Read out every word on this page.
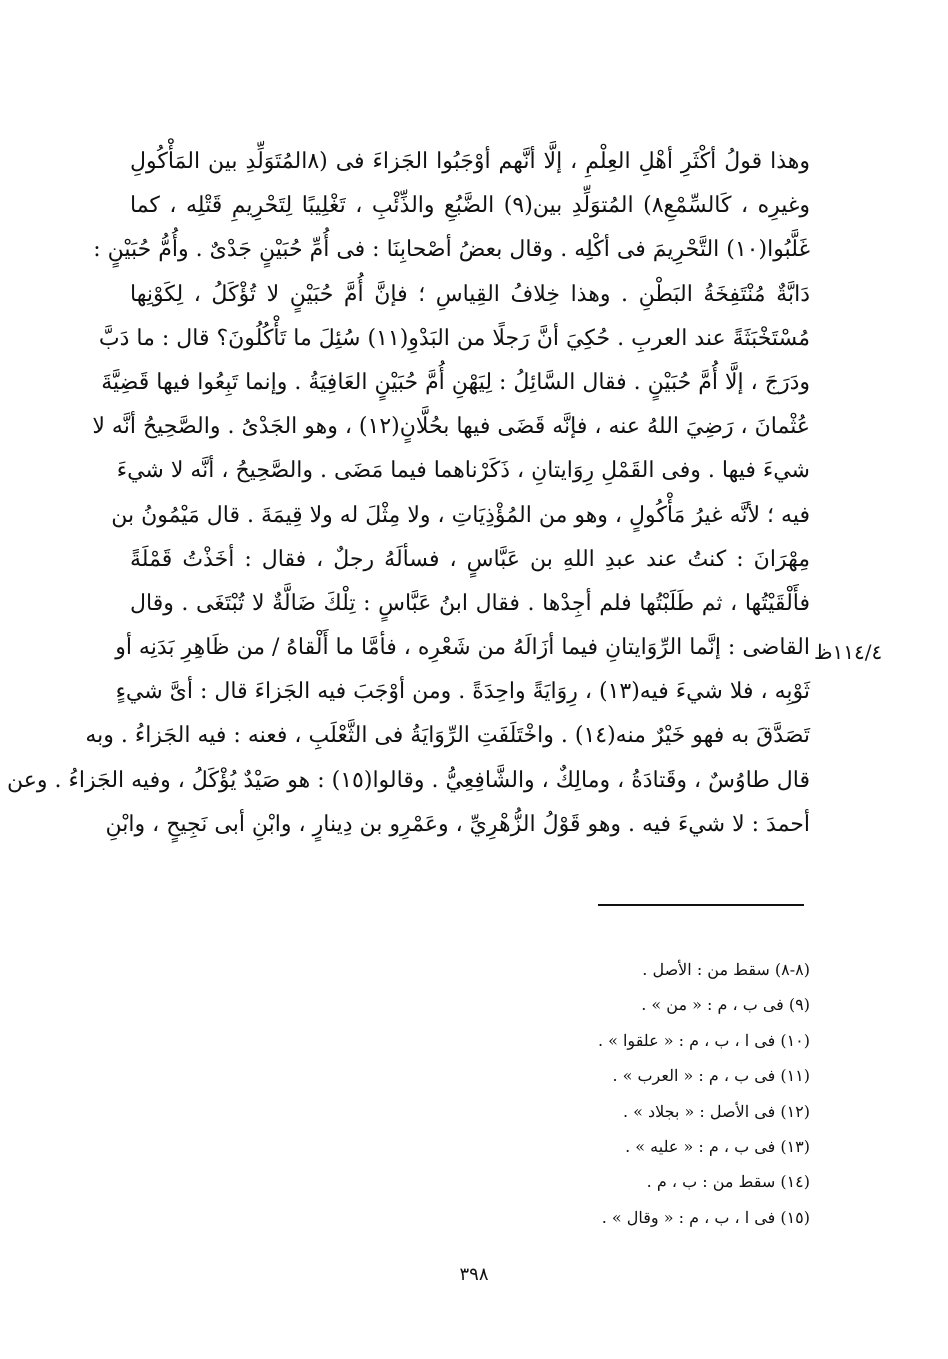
وهذا قولُ أكْثَرِ أهْلِ العِلْمِ ، إلَّا أنَّهم أوْجَبُوا الجَزاءَ فى (٨المُتَوَلِّدِ بين المَأْكُولِ
وغيرِه ، كَالسِّمْعِ٨) المُتوَلِّدِ بين(٩) الضَّبُعِ والذِّئْبِ ، تَغْلِيبًا لِتَحْرِيمِ قَتْلِه ، كما
غَلَّبُوا(١٠) التَّحْرِيمَ فى أكْلِه . وقال بعضُ أصْحابِنَا : فى أُمِّ حُبَيْنٍ جَدْىٌ . وأُمُّ حُبَيْنٍ :
دَابَّةٌ مُنْتَفِخَةُ البَطْنِ . وهذا خِلافُ القِياسِ ؛ فإنَّ أُمَّ حُبَيْنٍ لا تُؤْكَلُ ، لِكَوْنِها
مُسْتَخْبَثَةً عند العربِ . حُكِيَ أنَّ رَجلًا من البَدْوِ(١١) سُئِلَ ما تَأْكُلُونَ؟ قال : ما دَبَّ
ودَرَجَ ، إلَّا أُمَّ حُبَيْنٍ . فقال السَّائِلُ : لِيَهْنِ أُمَّ حُبَيْنٍ العَافِيَةُ . وإنما تَبِعُوا فيها قَضِيَّةَ
عُثْمانَ ، رَضِيَ اللهُ عنه ، فإنَّه قَضَى فيها بحُلَّانٍ(١٢) ، وهو الجَدْىُ . والصَّحِيحُ أنَّه لا
شيءَ فيها . وفى القَمْلِ رِوَايتانِ ، ذَكَرْناهما فيما مَضَى . والصَّحِيحُ ، أنَّه لا شيءَ
فيه ؛ لأنَّه غيرُ مَأْكُولٍ ، وهو من المُؤْذِيَاتِ ، ولا مِثْلَ له ولا قِيمَةَ . قال مَيْمُونُ بن
مِهْرَانَ : كنتُ عند عبدِ اللهِ بن عَبَّاسٍ ، فسألَهُ رجلٌ ، فقال : أخَذْتُ قَمْلَةً
فأَلْقَيْتُها ، ثم طَلَبْتُها فلم أجِدْها . فقال ابنُ عَبَّاسٍ : تِلْكَ ضَالَّةٌ لا تُبْتَغَى . وقال
القاضى : إنَّما الرِّوَايتانِ فيما أزَالَهُ من شَعْرِه ، فأمَّا ما أَلْقاهُ / من ظَاهِرِ بَدَنِه أو
ثَوْبِه ، فلا شيءَ فيه(١٣) ، رِوَايَةً واحِدَةً . ومن أوْجَبَ فيه الجَزاءَ قال : أىَّ شيءٍ
تَصَدَّقَ به فهو خَيْرٌ منه(١٤) . واخْتَلَفَتِ الرِّوَايَةُ فى الثَّعْلَبِ ، فعنه : فيه الجَزاءُ . وبه
قال طاوُسٌ ، وقَتادَةُ ، ومالِكٌ ، والشَّافِعِيُّ . وقالوا(١٥) : هو صَيْدٌ يُؤْكَلُ ، وفيه الجَزاءُ . وعن
أحمدَ : لا شيءَ فيه . وهو قَوْلُ الزُّهْرِيِّ ، وعَمْرِو بن دِينارٍ ، وابْنِ أبى نَجِيحٍ ، وابْنِ
١١٤/٤ظ
(٨-٨) سقط من : الأصل .
(٩) فى ب ، م : « من » .
(١٠) فى ا ، ب ، م : « علقوا » .
(١١) فى ب ، م : « العرب » .
(١٢) فى الأصل : « بجلاد » .
(١٣) فى ب ، م : « عليه » .
(١٤) سقط من : ب ، م .
(١٥) فى ا ، ب ، م : « وقال » .
٣٩٨
